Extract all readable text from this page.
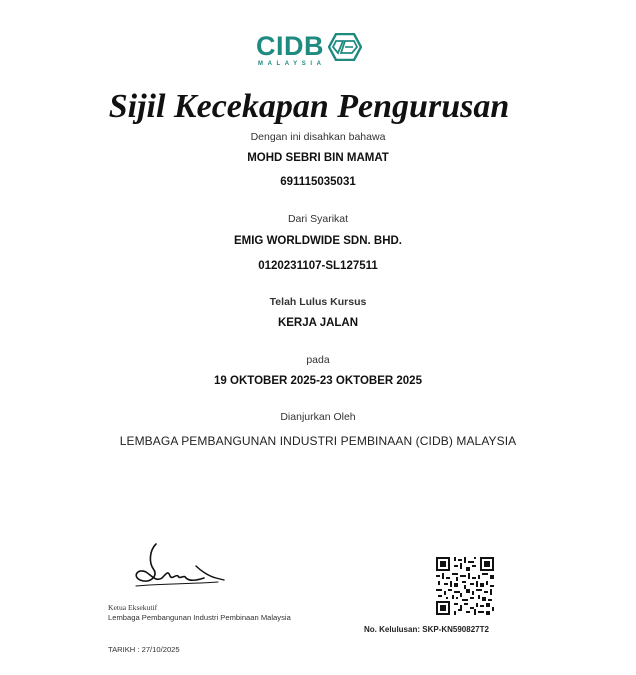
CIDB
MALAYSIA
Sijil Kecekapan Pengurusan
Dengan ini disahkan bahawa
MOHD SEBRI BIN MAMAT
691115035031
Dari Syarikat
EMIG WORLDWIDE SDN. BHD.
0120231107-SL127511
Telah Lulus Kursus
KERJA JALAN
pada
19 OKTOBER 2025-23 OKTOBER 2025
Dianjurkan Oleh
LEMBAGA PEMBANGUNAN INDUSTRI PEMBINAAN (CIDB) MALAYSIA
Ketua Eksekutif
Lembaga Pembangunan Industri Pembinaan Malaysia
TARIKH : 27/10/2025
No. Kelulusan: SKP-KN590827T2
